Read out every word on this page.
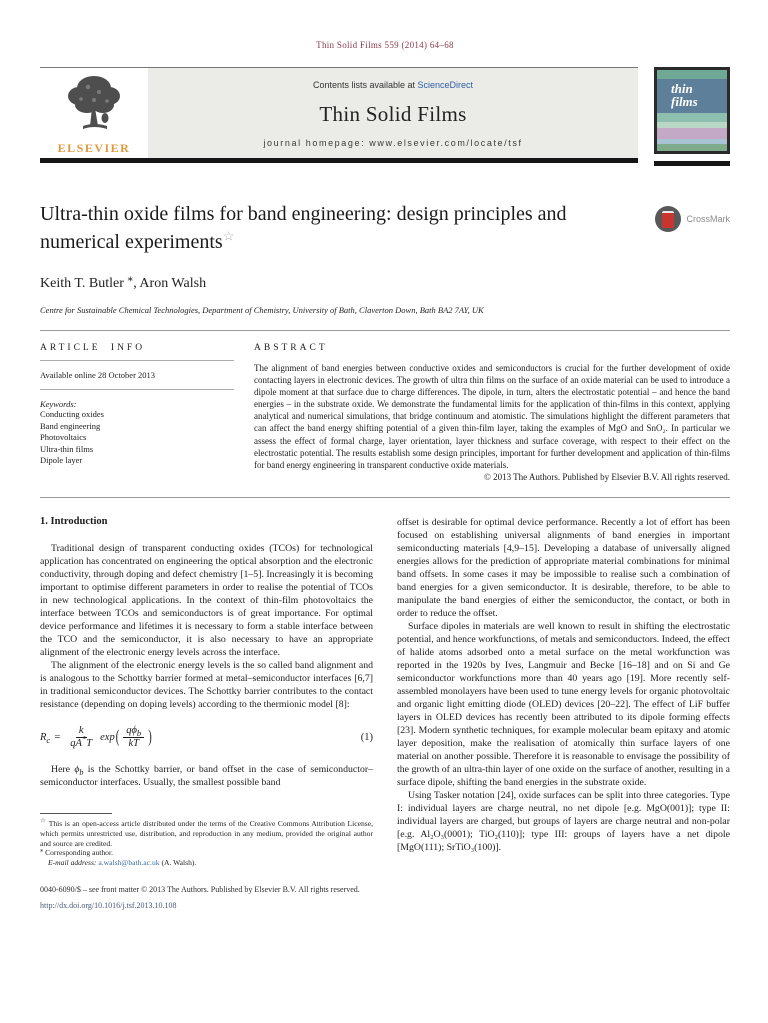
Thin Solid Films 559 (2014) 64–68
ELSEVIER
Contents lists available at ScienceDirect
Thin Solid Films
journal homepage: www.elsevier.com/locate/tsf
thin
films
Ultra-thin oxide films for band engineering: design principles and
numerical experiments☆
CrossMark
Keith T. Butler ⁎, Aron Walsh
Centre for Sustainable Chemical Technologies, Department of Chemistry, University of Bath, Claverton Down, Bath BA2 7AY, UK
ARTICLE INFO
Available online 28 October 2013
Keywords:
Conducting oxides
Band engineering
Photovoltaics
Ultra-thin films
Dipole layer
ABSTRACT

The alignment of band energies between conductive oxides and semiconductors is crucial for the further development of oxide contacting layers in electronic devices. The growth of ultra thin films on the surface of an oxide material can be used to introduce a dipole moment at that surface due to charge differences. The dipole, in turn, alters the electrostatic potential – and hence the band energies – in the substrate oxide. We demonstrate the fundamental limits for the application of thin-films in this context, applying analytical and numerical simulations, that bridge continuum and atomistic. The simulations highlight the different parameters that can affect the band energy shifting potential of a given thin-film layer, taking the examples of MgO and SnO₂. In particular we assess the effect of formal charge, layer orientation, layer thickness and surface coverage, with respect to their effect on the electrostatic potential. The results establish some design principles, important for further development and application of thin-films for band energy engineering in transparent conductive oxide materials.

© 2013 The Authors. Published by Elsevier B.V. All rights reserved.
1. Introduction

Traditional design of transparent conducting oxides (TCOs) for technological application has concentrated on engineering the optical absorption and the electronic conductivity, through doping and defect chemistry [1–5]. Increasingly it is becoming important to optimise different parameters in order to realise the potential of TCOs in new technological applications. In the context of thin-film photovoltaics the interface between TCOs and semiconductors is of great importance. For optimal device performance and lifetimes it is necessary to form a stable interface between the TCO and the semiconductor, it is also necessary to have an appropriate alignment of the electronic energy levels across the interface.

The alignment of the electronic energy levels is the so called band alignment and is analogous to the Schottky barrier formed at metal–semiconductor interfaces [6,7] in traditional semiconductor devices. The Schottky barrier contributes to the contact resistance (depending on doping levels) according to the thermionic model [8]:

$R_c = \frac{k}{qA^*T}$ exp ( $\frac{q\phi_b}{kT}$ )	(1)

Here $\phi_b$ is the Schottky barrier, or band offset in the case of semiconductor–semiconductor interfaces. Usually, the smallest possible band

☆ This is an open-access article distributed under the terms of the Creative Commons Attribution License, which permits unrestricted use, distribution, and reproduction in any medium, provided the original author and source are credited.

⁎ Corresponding author.

E-mail address: a.walsh@bath.ac.uk (A. Walsh).

offset is desirable for optimal device performance. Recently a lot of effort has been focused on establishing universal alignments of band energies in important semiconducting materials [4,9–15]. Developing a database of universally aligned energies allows for the prediction of appropriate material combinations for minimal band offsets. In some cases it may be impossible to realise such a combination of band energies for a given semiconductor. It is desirable, therefore, to be able to manipulate the band energies of either the semiconductor, the contact, or both in order to reduce the offset.

Surface dipoles in materials are well known to result in shifting the electrostatic potential, and hence workfunctions, of metals and semiconductors. Indeed, the effect of halide atoms adsorbed onto a metal surface on the metal workfunction was reported in the 1920s by Ives, Langmuir and Becke [16–18] and on Si and Ge semiconductor workfunctions more than 40 years ago [19]. More recently self-assembled monolayers have been used to tune energy levels for organic photovoltaic and organic light emitting diode (OLED) devices [20–22]. The effect of LiF buffer layers in OLED devices has recently been attributed to its dipole forming effects [23]. Modern synthetic techniques, for example molecular beam epitaxy and atomic layer deposition, make the realisation of atomically thin surface layers of one material on another possible. Therefore it is reasonable to envisage the possibility of the growth of an ultra-thin layer of one oxide on the surface of another, resulting in a surface dipole, shifting the band energies in the substrate oxide.

Using Tasker notation [24], oxide surfaces can be split into three categories. Type I: individual layers are charge neutral, no net dipole [e.g. MgO(001)]; type II: individual layers are charged, but groups of layers are charge neutral and non-polar [e.g. Al₂O₃(0001); TiO₂(110)]; type III: groups of layers have a net dipole [MgO(111); SrTiO₃(100)].

0040-6090/$ – see front matter © 2013 The Authors. Published by Elsevier B.V. All rights reserved.
http://dx.doi.org/10.1016/j.tsf.2013.10.108
